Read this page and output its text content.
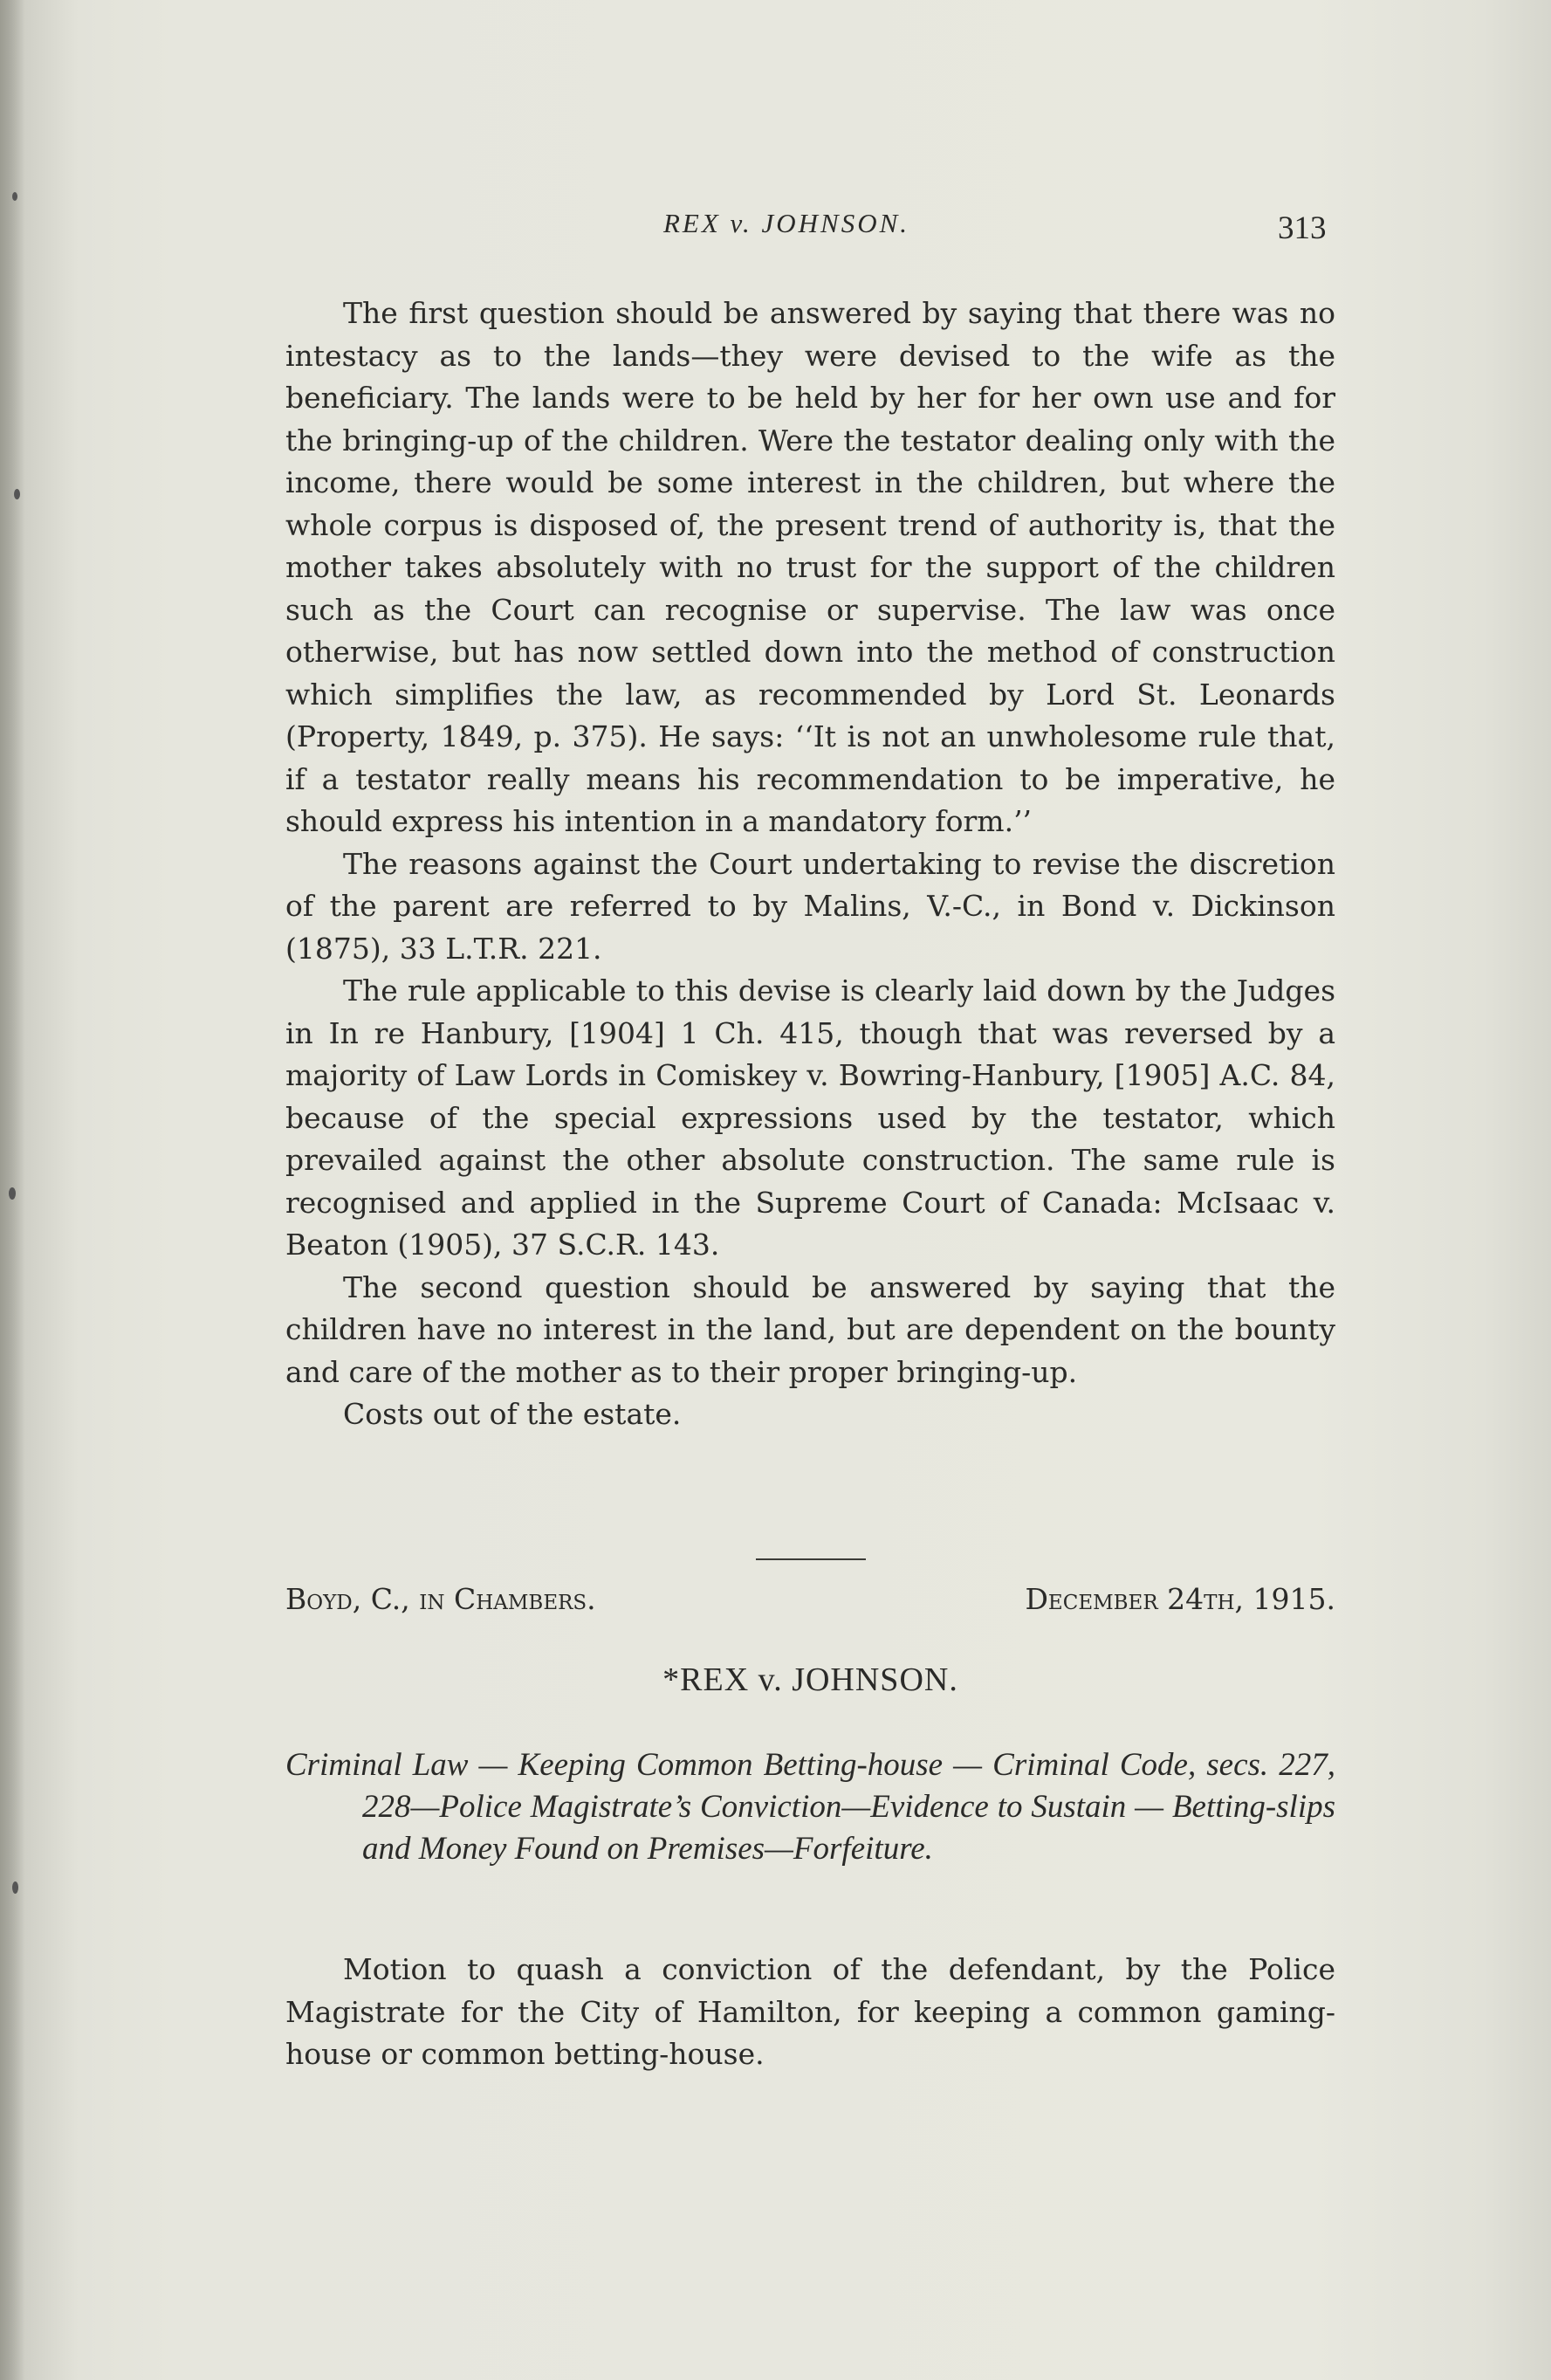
REX v. JOHNSON.	313

The first question should be answered by saying that there was no intestacy as to the lands—they were devised to the wife as the beneficiary. The lands were to be held by her for her own use and for the bringing-up of the children. Were the testator dealing only with the income, there would be some interest in the children, but where the whole corpus is disposed of, the present trend of authority is, that the mother takes absolutely with no trust for the support of the children such as the Court can recognise or supervise. The law was once otherwise, but has now settled down into the method of construction which simplifies the law, as recommended by Lord St. Leonards (Property, 1849, p. 375). He says: ‘‘It is not an unwholesome rule that, if a testator really means his recommendation to be imperative, he should express his intention in a mandatory form.’’

The reasons against the Court undertaking to revise the discretion of the parent are referred to by Malins, V.-C., in Bond v. Dickinson (1875), 33 L.T.R. 221.

The rule applicable to this devise is clearly laid down by the Judges in In re Hanbury, [1904] 1 Ch. 415, though that was reversed by a majority of Law Lords in Comiskey v. Bowring-Hanbury, [1905] A.C. 84, because of the special expressions used by the testator, which prevailed against the other absolute construction. The same rule is recognised and applied in the Supreme Court of Canada: McIsaac v. Beaton (1905), 37 S.C.R. 143.

The second question should be answered by saying that the children have no interest in the land, but are dependent on the bounty and care of the mother as to their proper bringing-up.

Costs out of the estate.

Boyd, C., in Chambers.	December 24th, 1915.
*REX v. JOHNSON.
Criminal Law — Keeping Common Betting-house — Criminal Code, secs. 227, 228—Police Magistrate’s Conviction—Evidence to Sustain — Betting-slips and Money Found on Premises—Forfeiture.

Motion to quash a conviction of the defendant, by the Police Magistrate for the City of Hamilton, for keeping a common gaming-house or common betting-house.
